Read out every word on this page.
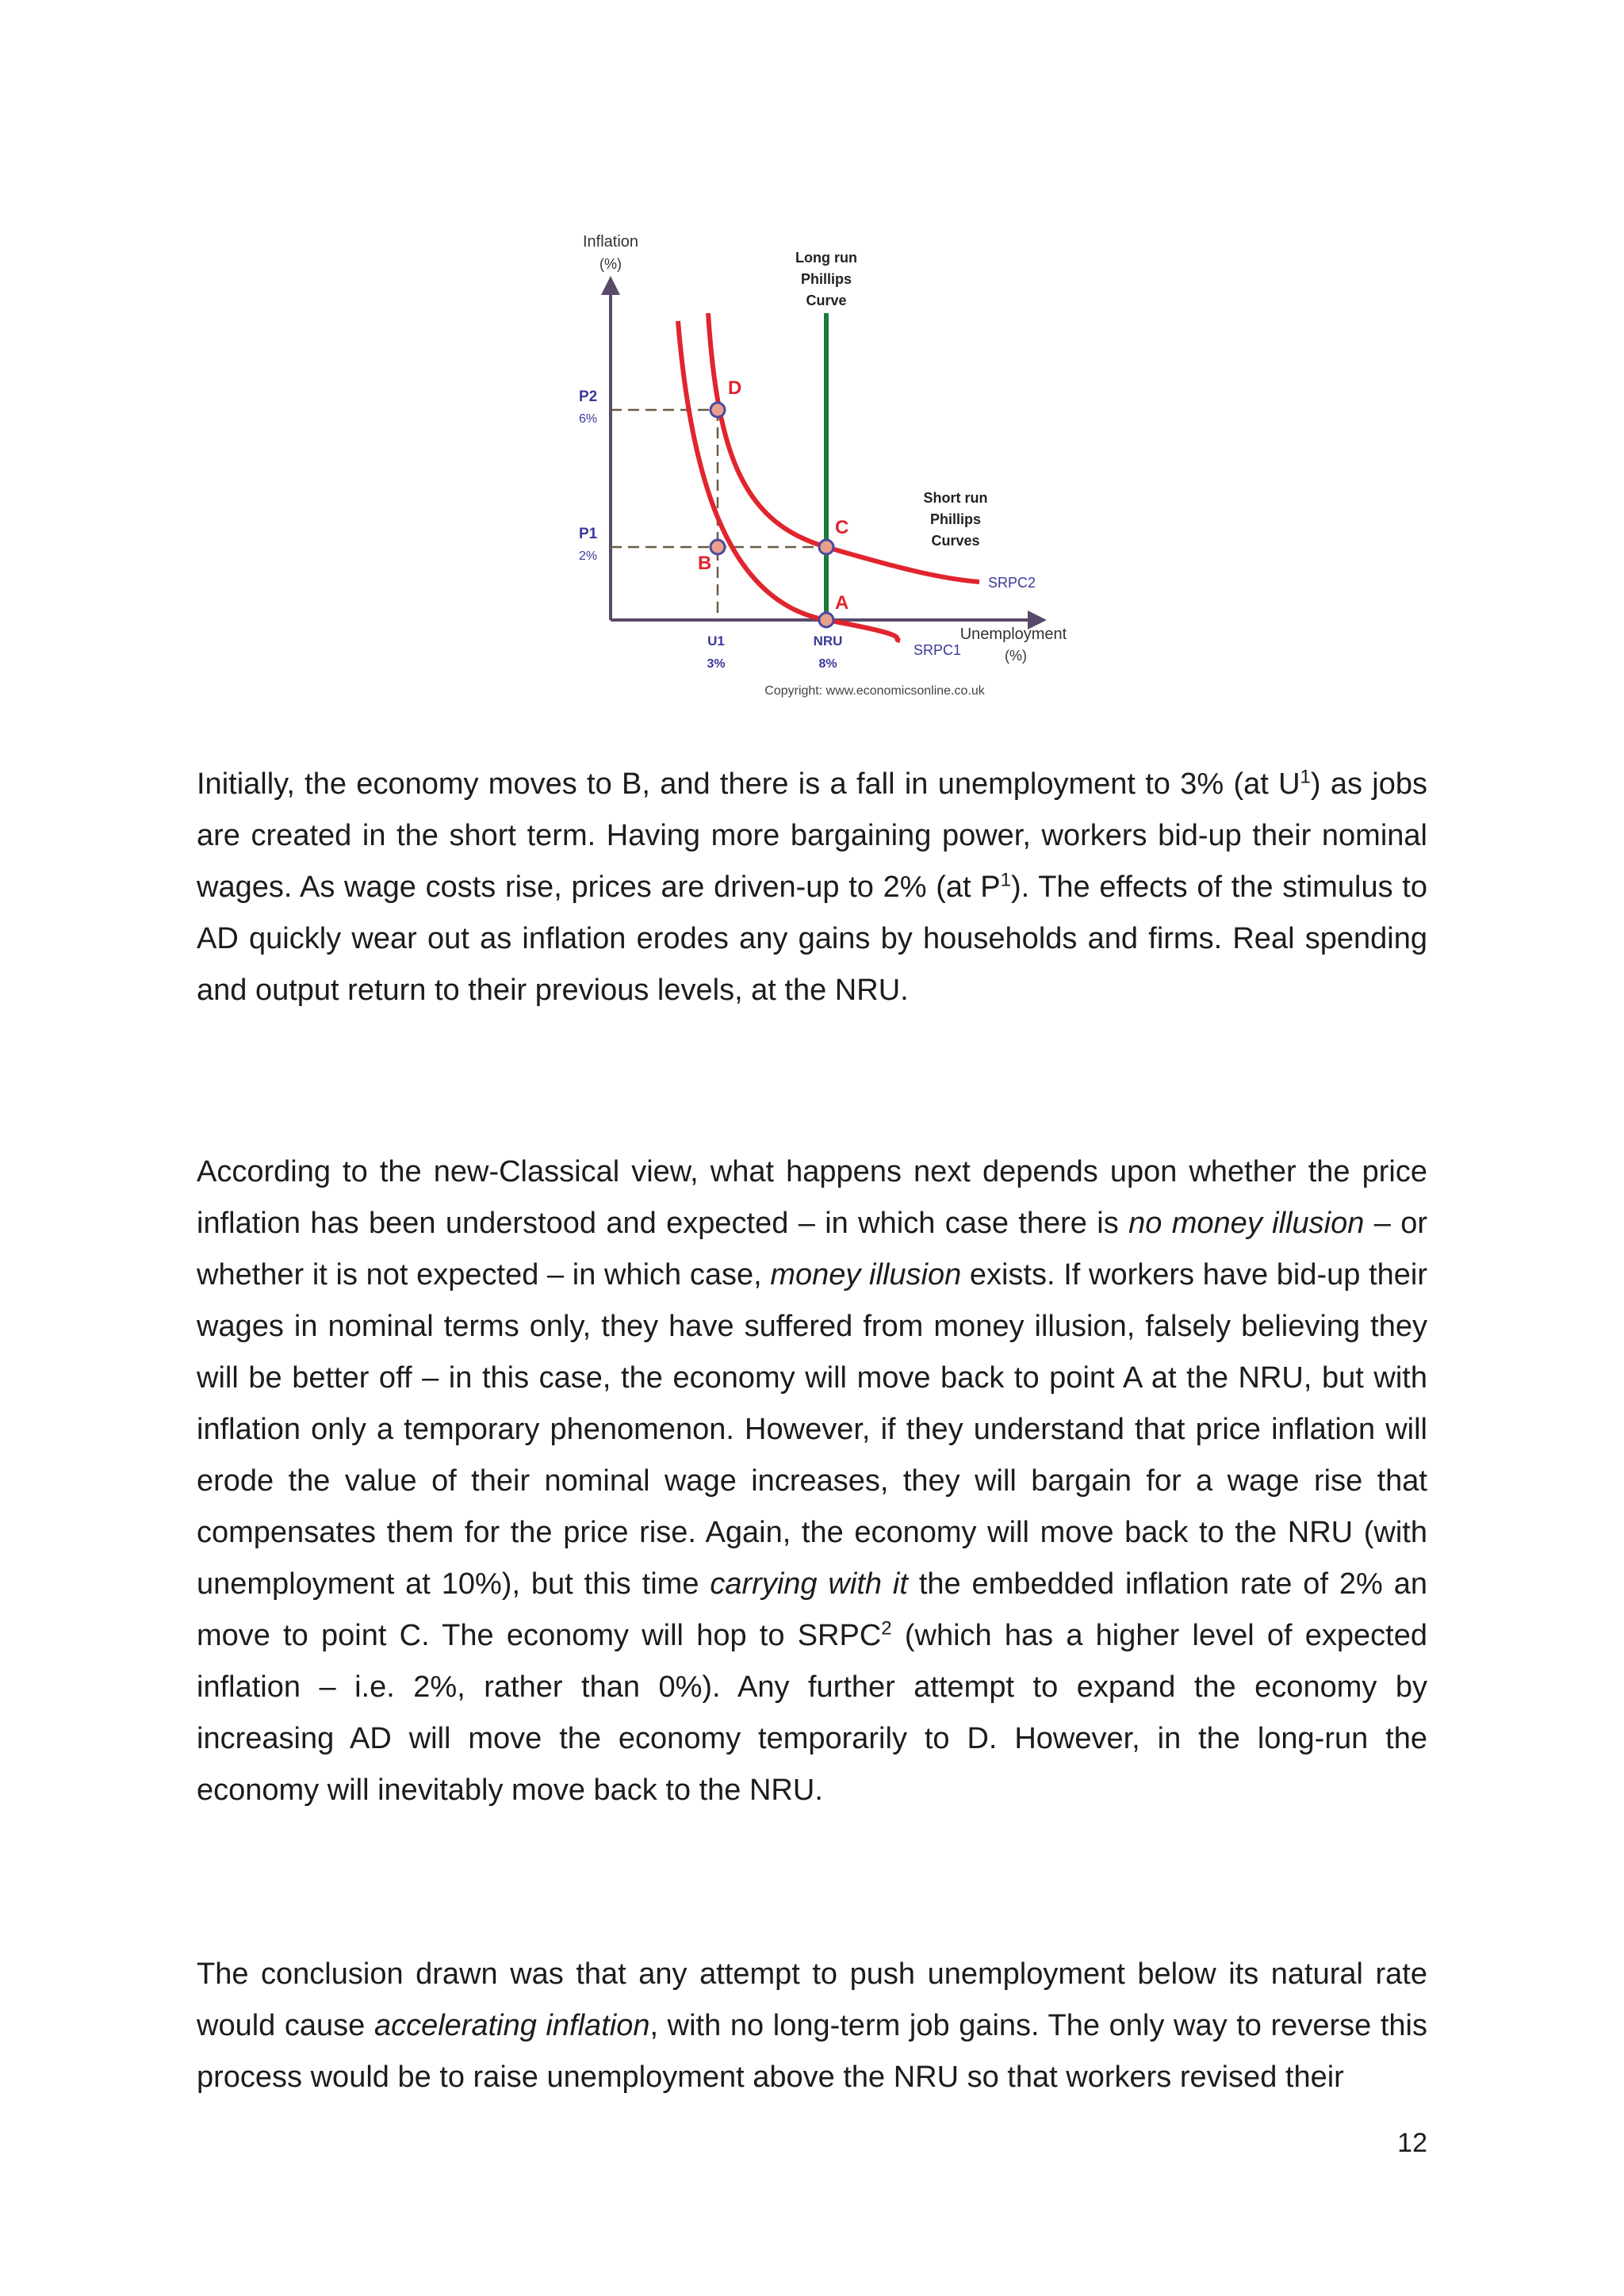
Inflation
(%)	Long run
Phillips
Curve
Short run
Phillips
Curves
SRPC2
SRPC1
Unemployment
(%)
P2
6%
P1
2%
U1
3%
NRU
8%
D
B
C
A
Copyright: www.economicsonline.co.uk

Initially, the economy moves to B, and there is a fall in unemployment to 3% (at $U^1$) as jobs are created in the short term. Having more bargaining power, workers bid-up their nominal wages. As wage costs rise, prices are driven-up to 2% (at $P^1$). The effects of the stimulus to AD quickly wear out as inflation erodes any gains by households and firms. Real spending and output return to their previous levels, at the NRU.

According to the new-Classical view, what happens next depends upon whether the price inflation has been understood and expected – in which case there is no money illusion – or whether it is not expected – in which case, money illusion exists. If workers have bid-up their wages in nominal terms only, they have suffered from money illusion, falsely believing they will be better off – in this case, the economy will move back to point A at the NRU, but with inflation only a temporary phenomenon. However, if they understand that price inflation will erode the value of their nominal wage increases, they will bargain for a wage rise that compensates them for the price rise. Again, the economy will move back to the NRU (with unemployment at 10%), but this time carrying with it the embedded inflation rate of 2% an move to point C. The economy will hop to SRPC$^2$ (which has a higher level of expected inflation – i.e. 2%, rather than 0%). Any further attempt to expand the economy by increasing AD will move the economy temporarily to D. However, in the long-run the economy will inevitably move back to the NRU.

The conclusion drawn was that any attempt to push unemployment below its natural rate would cause accelerating inflation, with no long-term job gains. The only way to reverse this process would be to raise unemployment above the NRU so that workers revised their

12
